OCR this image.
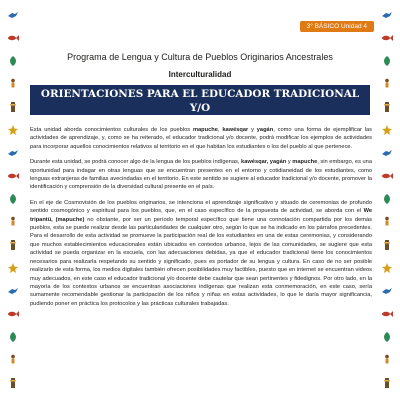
3° BÁSICO Unidad 4
Programa de Lengua y Cultura de Pueblos Originarios Ancestrales
Interculturalidad
ORIENTACIONES PARA EL EDUCADOR TRADICIONAL Y/O
DOCENTE

Esta unidad aborda conocimientos culturales de los pueblos mapuche, kawésqar y yagán, como una forma de ejemplificar las actividades de aprendizaje, y, como se ha reiterado, el educador tradicional y/o docente, podrá modificar los ejemplos de actividades para incorporar aquellos conocimientos relativos al territorio en el que habitan los estudiantes o los del pueblo al que pertenece.

Durante esta unidad, se podrá conocer algo de la lengua de los pueblos indígenas, kawésqar, yagán y mapuche, sin embargo, es una oportunidad para indagar en otras lenguas que se encuentran presentes en el entorno y cotidianeidad de los estudiantes, como lenguas extranjeras de familias avecindadas en el territorio. En este sentido se sugiere al educador tradicional y/o docente, promover la identificación y comprensión de la diversidad cultural presente en el país.

En el eje de Cosmovisión de los pueblos originarios, se intenciona el aprendizaje significativo y situado de ceremonias de profundo sentido cosmogónico y espiritual para los pueblos, que, en el caso específico de la propuesta de actividad, se aborda con el We tripantü, (mapuche) no obstante, por ser un período temporal específico que tiene una connotación compartida por los demás pueblos, esta se puede realizar desde las particularidades de cualquier otro, según lo que se ha indicado en los párrafos precedentes. Para el desarrollo de esta actividad se promueve la participación real de los estudiantes en una de estas ceremonias, y considerando que muchos establecimientos educacionales están ubicados en contextos urbanos, lejos de las comunidades, se sugiere que esta actividad se pueda organizar en la escuela, con las adecuaciones debidas, ya que el educador tradicional tiene los conocimientos necesarios para realizarla respetando su sentido y significado, pues es portador de su lengua y cultura. En caso de no ser posible realizarlo de esta forma, los medios digitales también ofrecen posibilidades muy factibles, puesto que en internet se encuentran videos muy adecuados, en este caso el educador tradicional y/o docente debe cautelar que sean pertinentes y fidedignos. Por otro lado, en la mayoría de los contextos urbanos se encuentran asociaciones indígenas que realizan esta conmemoración, en este caso, sería sumamente recomendable gestionar la participación de los niños y niñas en estas actividades, lo que le daría mayor significancia, pudiendo poner en práctica los protocolos y las prácticas culturales trabajadas.
